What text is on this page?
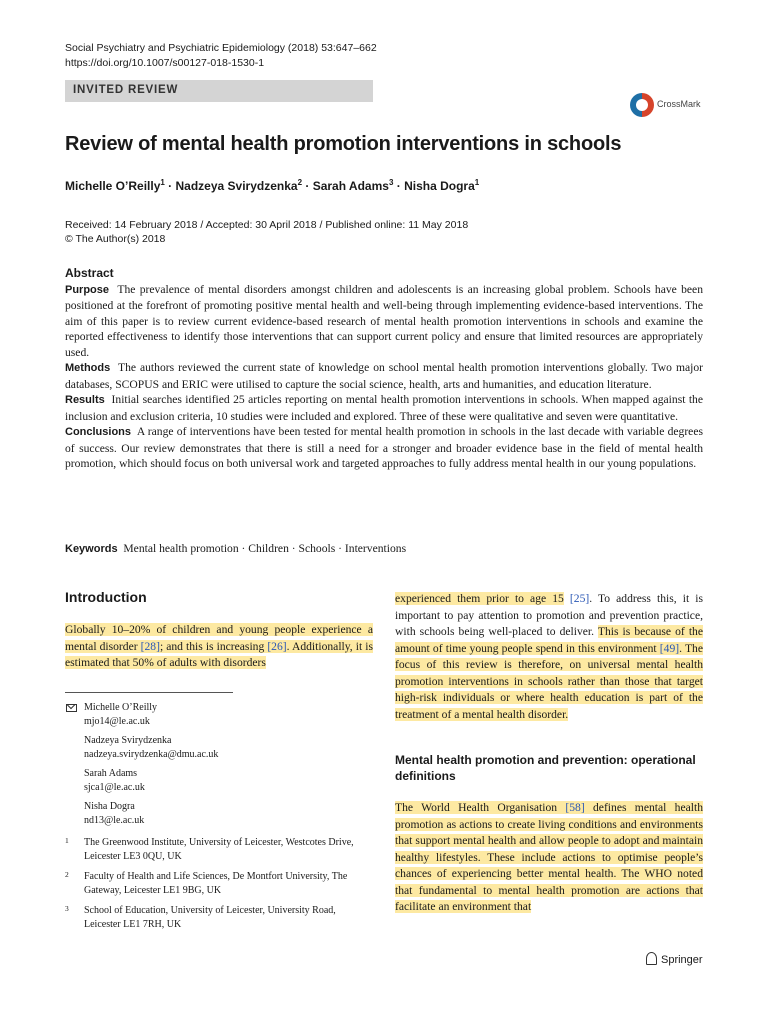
Social Psychiatry and Psychiatric Epidemiology (2018) 53:647–662
https://doi.org/10.1007/s00127-018-1530-1
INVITED REVIEW
CrossMark
Review of mental health promotion interventions in schools
Michelle O’Reilly$^1$ · Nadzeya Svirydzenka$^2$ · Sarah Adams$^3$ · Nisha Dogra$^1$
Received: 14 February 2018 / Accepted: 30 April 2018 / Published online: 11 May 2018
© The Author(s) 2018
Abstract

Purpose The prevalence of mental disorders amongst children and adolescents is an increasing global problem. Schools have been positioned at the forefront of promoting positive mental health and well-being through implementing evidence-based interventions. The aim of this paper is to review current evidence-based research of mental health promotion interventions in schools and examine the reported effectiveness to identify those interventions that can support current policy and ensure that limited resources are appropriately used.

Methods The authors reviewed the current state of knowledge on school mental health promotion interventions globally. Two major databases, SCOPUS and ERIC were utilised to capture the social science, health, arts and humanities, and education literature.

Results Initial searches identified 25 articles reporting on mental health promotion interventions in schools. When mapped against the inclusion and exclusion criteria, 10 studies were included and explored. Three of these were qualitative and seven were quantitative.

Conclusions A range of interventions have been tested for mental health promotion in schools in the last decade with variable degrees of success. Our review demonstrates that there is still a need for a stronger and broader evidence base in the field of mental health promotion, which should focus on both universal work and targeted approaches to fully address mental health in our young populations.

Keywords Mental health promotion · Children · Schools · Interventions
Introduction
Globally 10–20% of children and young people experience a mental disorder [28]; and this is increasing [26]. Additionally, it is estimated that 50% of adults with disorders
Michelle O’Reilly
mjo14@le.ac.uk
Nadzeya Svirydzenka
nadzeya.svirydzenka@dmu.ac.uk
Sarah Adams
sjca1@le.ac.uk
Nisha Dogra
nd13@le.ac.uk
1 The Greenwood Institute, University of Leicester, Westcotes Drive, Leicester LE3 0QU, UK
2 Faculty of Health and Life Sciences, De Montfort University, The Gateway, Leicester LE1 9BG, UK
3 School of Education, University of Leicester, University Road, Leicester LE1 7RH, UK
experienced them prior to age 15 [25]. To address this, it is important to pay attention to promotion and prevention practice, with schools being well-placed to deliver. This is because of the amount of time young people spend in this environment [49]. The focus of this review is therefore, on universal mental health promotion interventions in schools rather than those that target high-risk individuals or where health education is part of the treatment of a mental health disorder.
Mental health promotion and prevention: operational definitions
The World Health Organisation [58] defines mental health promotion as actions to create living conditions and environments that support mental health and allow people to adopt and maintain healthy lifestyles. These include actions to optimise people’s chances of experiencing better mental health. The WHO noted that fundamental to mental health promotion are actions that facilitate an environment that
Springer
